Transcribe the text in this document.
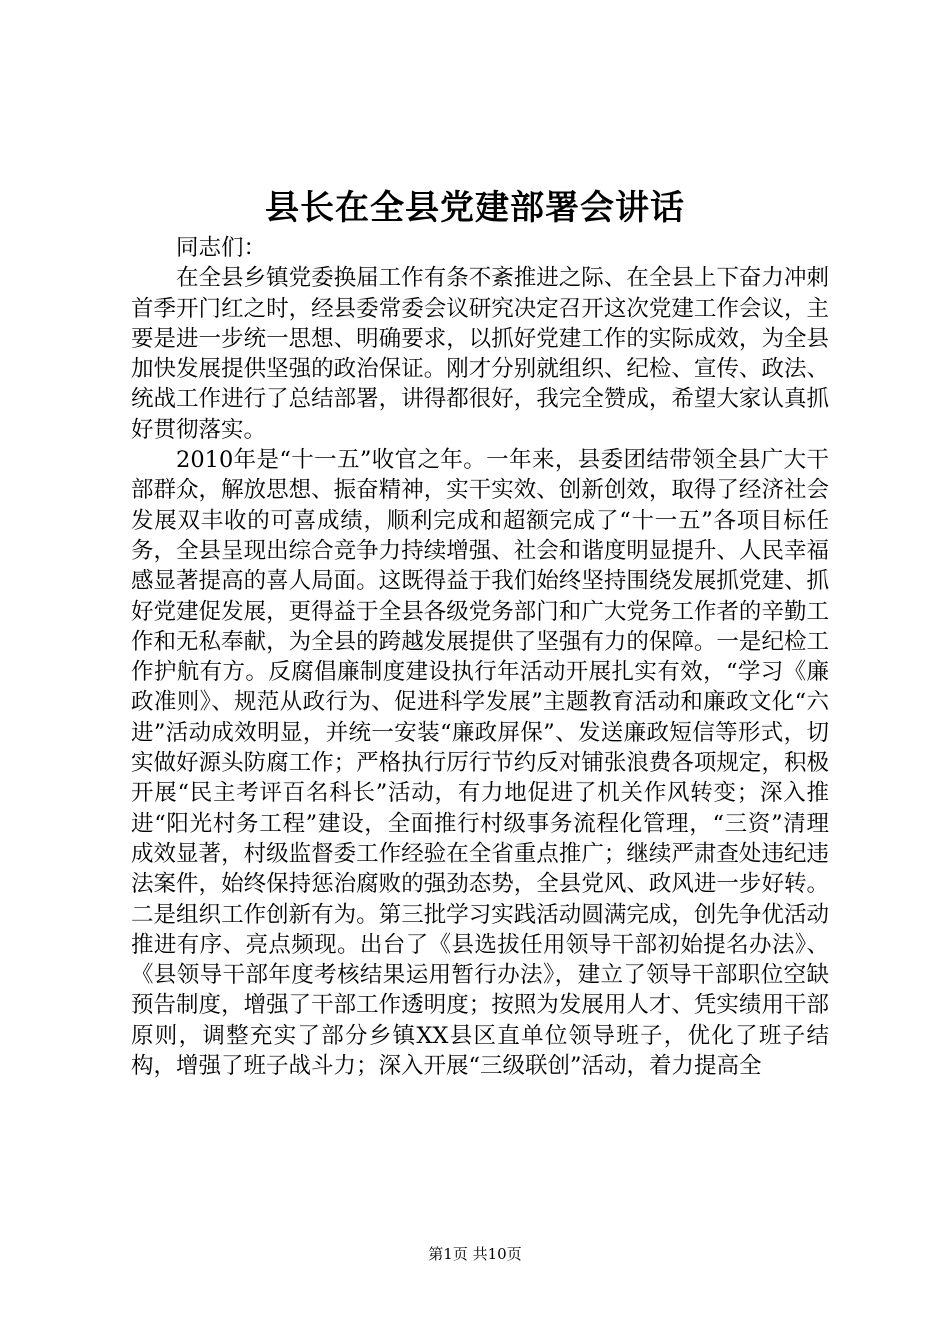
县长在全县党建部署会讲话

同志们：

在全县乡镇党委换届工作有条不紊推进之际、在全县上下奋力冲刺首季开门红之时，经县委常委会议研究决定召开这次党建工作会议，主要是进一步统一思想、明确要求，以抓好党建工作的实际成效，为全县加快发展提供坚强的政治保证。刚才分别就组织、纪检、宣传、政法、统战工作进行了总结部署，讲得都很好，我完全赞成，希望大家认真抓好贯彻落实。

2010年是“十一五”收官之年。一年来，县委团结带领全县广大干部群众，解放思想、振奋精神，实干实效、创新创效，取得了经济社会发展双丰收的可喜成绩，顺利完成和超额完成了“十一五”各项目标任务，全县呈现出综合竞争力持续增强、社会和谐度明显提升、人民幸福感显著提高的喜人局面。这既得益于我们始终坚持围绕发展抓党建、抓好党建促发展，更得益于全县各级党务部门和广大党务工作者的辛勤工作和无私奉献，为全县的跨越发展提供了坚强有力的保障。一是纪检工作护航有方。反腐倡廉制度建设执行年活动开展扎实有效，“学习《廉政准则》、规范从政行为、促进科学发展”主题教育活动和廉政文化“六进”活动成效明显，并统一安装“廉政屏保”、发送廉政短信等形式，切实做好源头防腐工作；严格执行厉行节约反对铺张浪费各项规定，积极开展“民主考评百名科长”活动，有力地促进了机关作风转变；深入推进“阳光村务工程”建设，全面推行村级事务流程化管理，“三资”清理成效显著，村级监督委工作经验在全省重点推广；继续严肃查处违纪违法案件，始终保持惩治腐败的强劲态势，全县党风、政风进一步好转。二是组织工作创新有为。第三批学习实践活动圆满完成，创先争优活动推进有序、亮点频现。出台了《县选拔任用领导干部初始提名办法》、《县领导干部年度考核结果运用暂行办法》，建立了领导干部职位空缺预告制度，增强了干部工作透明度；按照为发展用人才、凭实绩用干部原则，调整充实了部分乡镇XX县区直单位领导班子，优化了班子结构，增强了班子战斗力；深入开展“三级联创”活动，着力提高全

第1页 共10页
